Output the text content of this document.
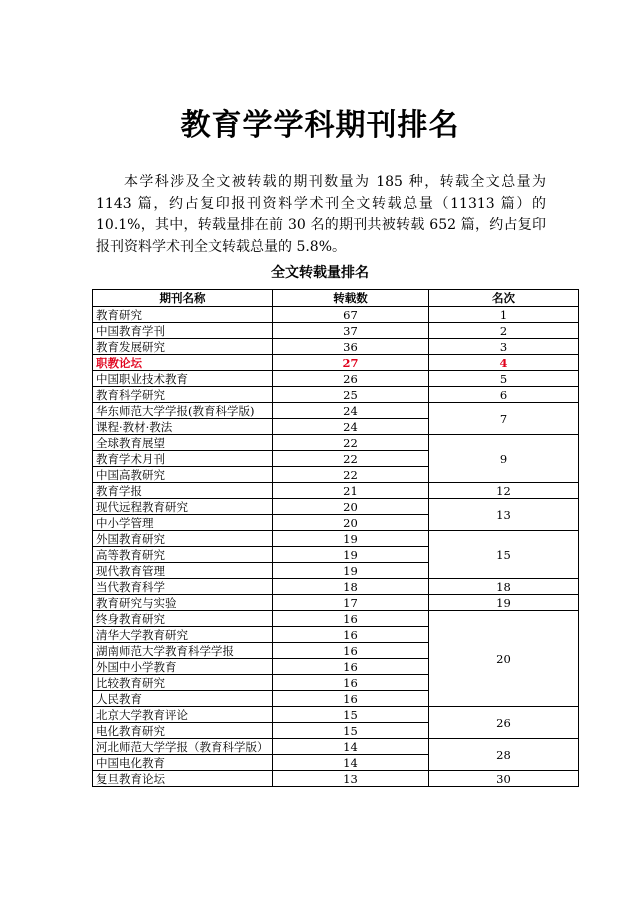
教育学学科期刊排名

本学科涉及全文被转载的期刊数量为 185 种，转载全文总量为 1143 篇，约占复印报刊资料学术刊全文转载总量（11313 篇）的 10.1%，其中，转载量排在前 30 名的期刊共被转载 652 篇，约占复印报刊资料学术刊全文转载总量的 5.8%。

全文转载量排名
期刊名称	转载数	名次
教育研究	67	1
中国教育学刊	37	2
教育发展研究	36	3
职教论坛	27	4
中国职业技术教育	26	5
教育科学研究	25	6
华东师范大学学报(教育科学版)	24	7
课程·教材·教法	24	
全球教育展望	22	9
教育学术月刊	22	
中国高教研究	22	
教育学报	21	12
现代远程教育研究	20	13
中小学管理	20	
外国教育研究	19	15
高等教育研究	19	
现代教育管理	19	
当代教育科学	18	18
教育研究与实验	17	19
终身教育研究	16	20
清华大学教育研究	16	
湖南师范大学教育科学学报	16	
外国中小学教育	16	
比较教育研究	16	
人民教育	16	
北京大学教育评论	15	26
电化教育研究	15	
河北师范大学学报（教育科学版）	14	28
中国电化教育	14	
复旦教育论坛	13	30
